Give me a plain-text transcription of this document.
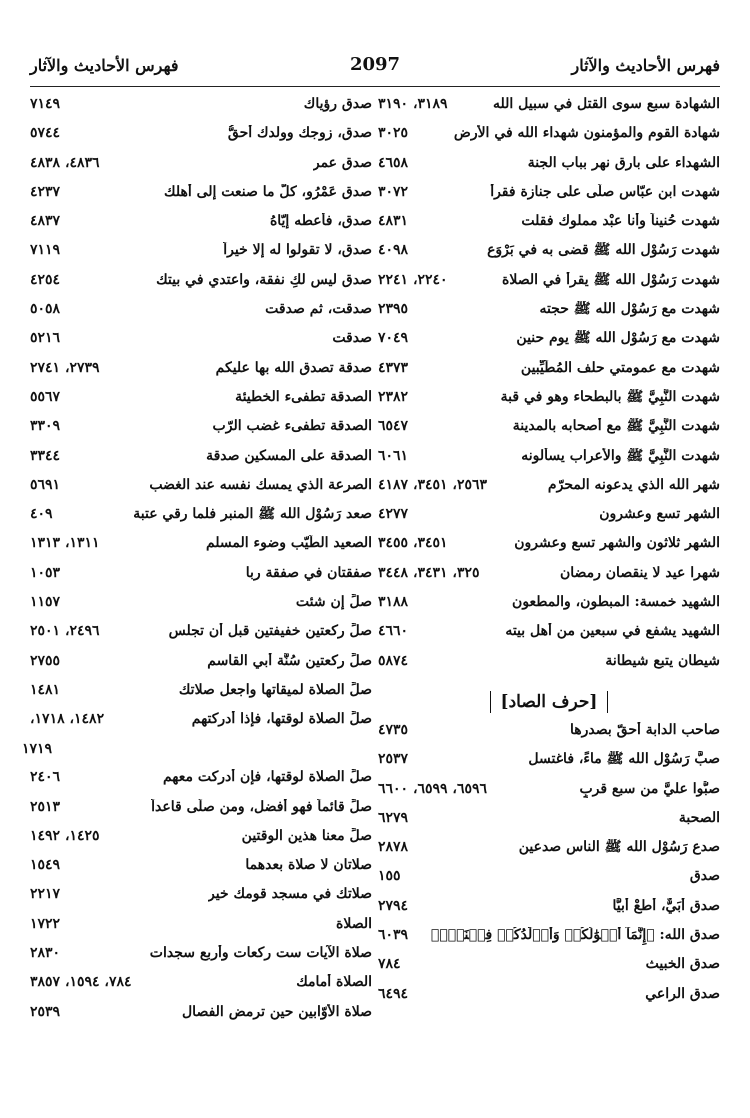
فهرس الأحاديث والآثار
2097
فهرس الأحاديث والآثار
الشهادة سبع سوى القتل في سبيل الله
٣١٨٩، ٣١٩٠
شهادة القوم والمؤمنون شهداء الله في الأرض
٣٠٢٥
الشهداء على بارق نهر بباب الجنة
٤٦٥٨
شهدت ابن عبّاس صلّى على جنازة فقرأ
٣٠٧٢
شهدت حُنيناً وأنا عبْد مملوك فقلت
٤٨٣١
شهدت رَسُوْل الله ﷺ قضى به في بَرْوَع
٤٠٩٨
شهدت رَسُوْل الله ﷺ يقرأ في الصلاة
٢٢٤٠، ٢٢٤١
شهدت مع رَسُوْل الله ﷺ حجته
٢٣٩٥
شهدت مع رَسُوْل الله ﷺ يوم حنين
٧٠٤٩
شهدت مع عمومتي حلف المُطَيِّبين
٤٣٧٣
شهدت النَّبِيَّ ﷺ بالبطحاء وهو في قبة
٢٣٨٢
شهدت النَّبِيَّ ﷺ مع أصحابه بالمدينة
٦٥٤٧
شهدت النَّبِيَّ ﷺ والأعراب يسألونه
٦٠٦١
شهر الله الذي يدعونه المحرّم
٢٥٦٣، ٣٤٥١، ٤١٨٧
الشهر تسع وعشرون
٤٢٧٧
الشهر ثلاثون والشهر تسع وعشرون
٣٤٥١، ٣٤٥٥
شهرا عيد لا ينقصان رمضان
٣٢٥، ٣٤٣١، ٣٤٤٨
الشهيد خمسة: المبطون، والمطعون
٣١٨٨
الشهيد يشفع في سبعين من أهل بيته
٤٦٦٠
شيطان يتبع شيطانة
٥٨٧٤
[حرف الصاد]
صاحب الدابة أحقّ بصدرها
٤٧٣٥
صبَّ رَسُوْل الله ﷺ ماءً، فاغتسل
٢٥٣٧
صبُّوا عليَّ من سبع قربٍ
٦٥٩٦، ٦٥٩٩، ٦٦٠٠
الصحبة
٦٢٧٩
صدع رَسُوْل الله ﷺ الناس صدعين
٢٨٧٨
صدق
١٥٥
صدق أُبَيٌّ، أطعْ أبيًّا
٢٧٩٤
صدق الله: ﴿إِنَّمَآ أَمۡوَٰلُكُمۡ وَأَوۡلَٰدُكُمۡ فِتۡنَةٞۚ﴾
٦٠٣٩
صدق الخبيث
٧٨٤
صدق الراعي
٦٤٩٤
صدق رؤياك
٧١٤٩
صدق، زوجك وولدك أحقُّ
٥٧٤٤
صدق عمر
٤٨٣٦، ٤٨٣٨
صدق عَمْرُو، كلّ ما صنعت إلى أهلك
٤٢٣٧
صدق، فأعطه إيّاهُ
٤٨٣٧
صدق، لا تقولوا له إلا خيراً
٧١١٩
صدق ليس لكِ نفقة، واعتدي في بيتك
٤٢٥٤
صدقت، ثم صدقت
٥٠٥٨
صدقت
٥٢١٦
صدقة تصدق الله بها عليكم
٢٧٣٩، ٢٧٤١
الصدقة تطفىء الخطيئة
٥٥٦٧
الصدقة تطفىء غضب الرّب
٣٣٠٩
الصدقة على المسكين صدقة
٣٣٤٤
الصرعة الذي يمسك نفسه عند الغضب
٥٦٩١
صعد رَسُوْل الله ﷺ المنبر فلما رقي عتبة
٤٠٩
الصعيد الطّيّب وضوء المسلم
١٣١١، ١٣١٣
صفقتان في صفقة ربا
١٠٥٣
صلِّ إن شئت
١١٥٧
صلِّ ركعتين خفيفتين قبل أن تجلس
٢٤٩٦، ٢٥٠١
صلِّ ركعتين سُنَّة أبي القاسم
٢٧٥٥
صلِّ الصلاة لميقاتها واجعل صلاتك
١٤٨١
صلِّ الصلاة لوقتها، فإذا أدركتهم
١٤٨٢، ١٧١٨،
١٧١٩
صلِّ الصلاة لوقتها، فإن أدركت معهم
٢٤٠٦
صلِّ قائماً فهو أفضل، ومن صلّى قاعداً
٢٥١٣
صلِّ معنا هذين الوقتين
١٤٢٥، ١٤٩٢
صلاتان لا صلاة بعدهما
١٥٤٩
صلاتك في مسجد قومك خير
٢٢١٧
الصلاة
١٧٢٢
صلاة الآيات ست ركعات وأربع سجدات
٢٨٣٠
الصلاة أمامك
٧٨٤، ١٥٩٤، ٣٨٥٧
صلاة الأوّابين حين ترمض الفصال
٢٥٣٩
